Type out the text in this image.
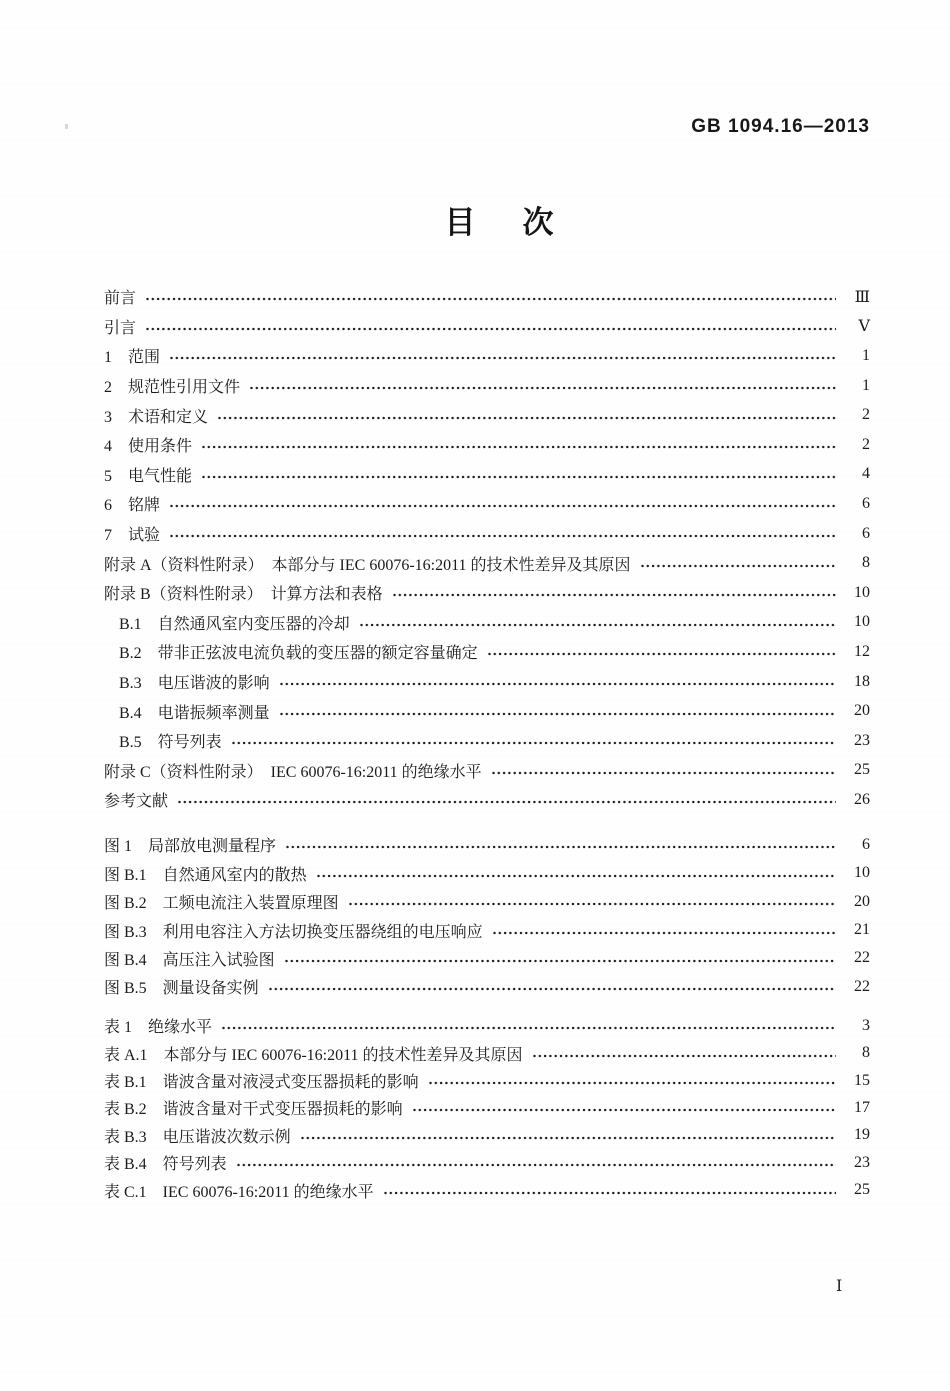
GB 1094.16—2013
目　次
前言	Ⅲ
引言	Ⅴ
1　范围	1
2　规范性引用文件	1
3　术语和定义	2
4　使用条件	2
5　电气性能	4
6　铭牌	6
7　试验	6
附录 A（资料性附录）　本部分与 IEC 60076-16:2011 的技术性差异及其原因	8
附录 B（资料性附录）　计算方法和表格	10
B.1　自然通风室内变压器的冷却	10
B.2　带非正弦波电流负载的变压器的额定容量确定	12
B.3　电压谐波的影响	18
B.4　电谐振频率测量	20
B.5　符号列表	23
附录 C（资料性附录）　IEC 60076-16:2011 的绝缘水平	25
参考文献	26
图 1　局部放电测量程序	6
图 B.1　自然通风室内的散热	10
图 B.2　工频电流注入装置原理图	20
图 B.3　利用电容注入方法切换变压器绕组的电压响应	21
图 B.4　高压注入试验图	22
图 B.5　测量设备实例	22
表 1　绝缘水平	3
表 A.1　本部分与 IEC 60076-16:2011 的技术性差异及其原因	8
表 B.1　谐波含量对液浸式变压器损耗的影响	15
表 B.2　谐波含量对干式变压器损耗的影响	17
表 B.3　电压谐波次数示例	19
表 B.4　符号列表	23
表 C.1　IEC 60076-16:2011 的绝缘水平	25
Ⅰ
